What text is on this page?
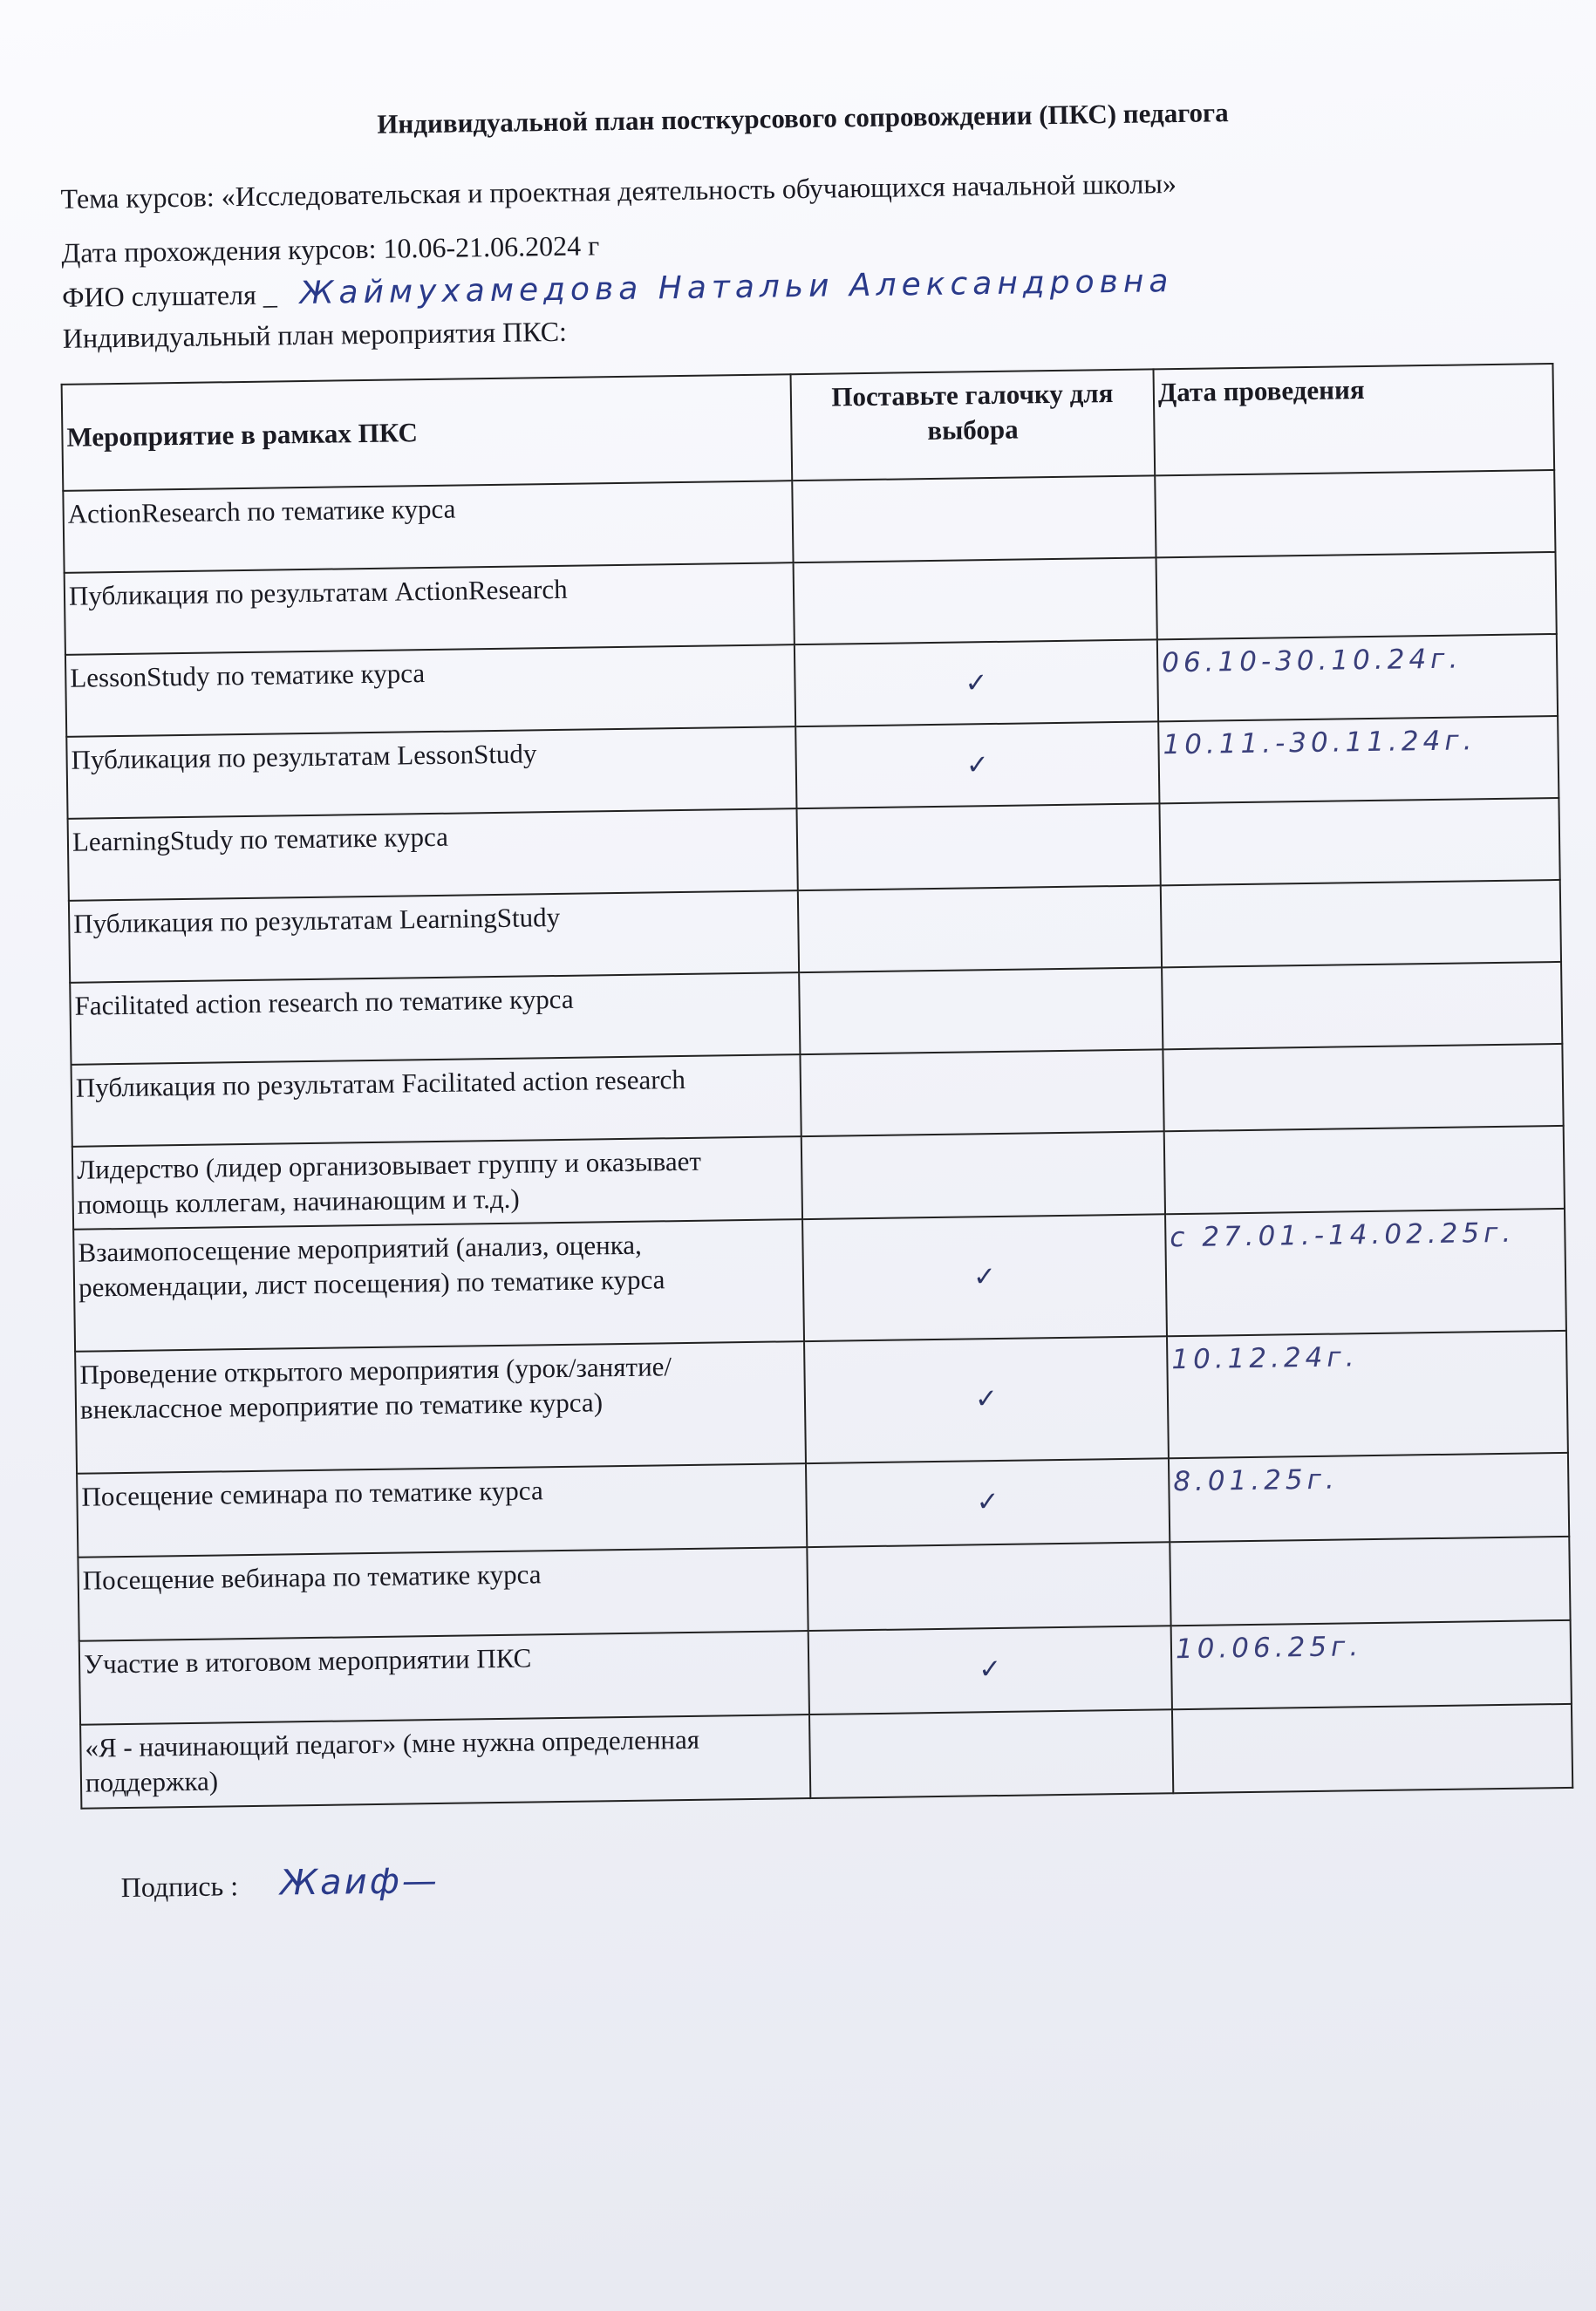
Индивидуальной план посткурсового сопровождении (ПКС) педагога
Тема курсов: «Исследовательская и проектная деятельность обучающихся начальной школы»
Дата прохождения курсов: 10.06-21.06.2024 г
ФИО слушателя _ Жаймухамедова Натальи Александровна
Индивидуальный план мероприятия ПКС:
Мероприятие в рамках ПКС	Поставьте галочку для выбора	Дата проведения
ActionResearch по тематике курса		
Публикация по результатам ActionResearch		
LessonStudy по тематике курса	✓	06.10-30.10.24г.
Публикация по результатам LessonStudy	✓	10.11.-30.11.24г.
LearningStudy по тематике курса		
Публикация по результатам LearningStudy		
Facilitated action research по тематике курса		
Публикация по результатам Facilitated action research		
Лидерство (лидер организовывает группу и оказывает помощь коллегам, начинающим и т.д.)		
Взаимопосещение мероприятий (анализ, оценка, рекомендации, лист посещения) по тематике курса	✓	с 27.01.-14.02.25г.
Проведение открытого мероприятия (урок/занятие/ внеклассное мероприятие по тематике курса)	✓	10.12.24г.
Посещение семинара по тематике курса	✓	8.01.25г.
Посещение вебинара по тематике курса		
Участие в итоговом мероприятии ПКС	✓	10.06.25г.
«Я - начинающий педагог» (мне нужна определенная поддержка)		
Подпись : Жаиф—
